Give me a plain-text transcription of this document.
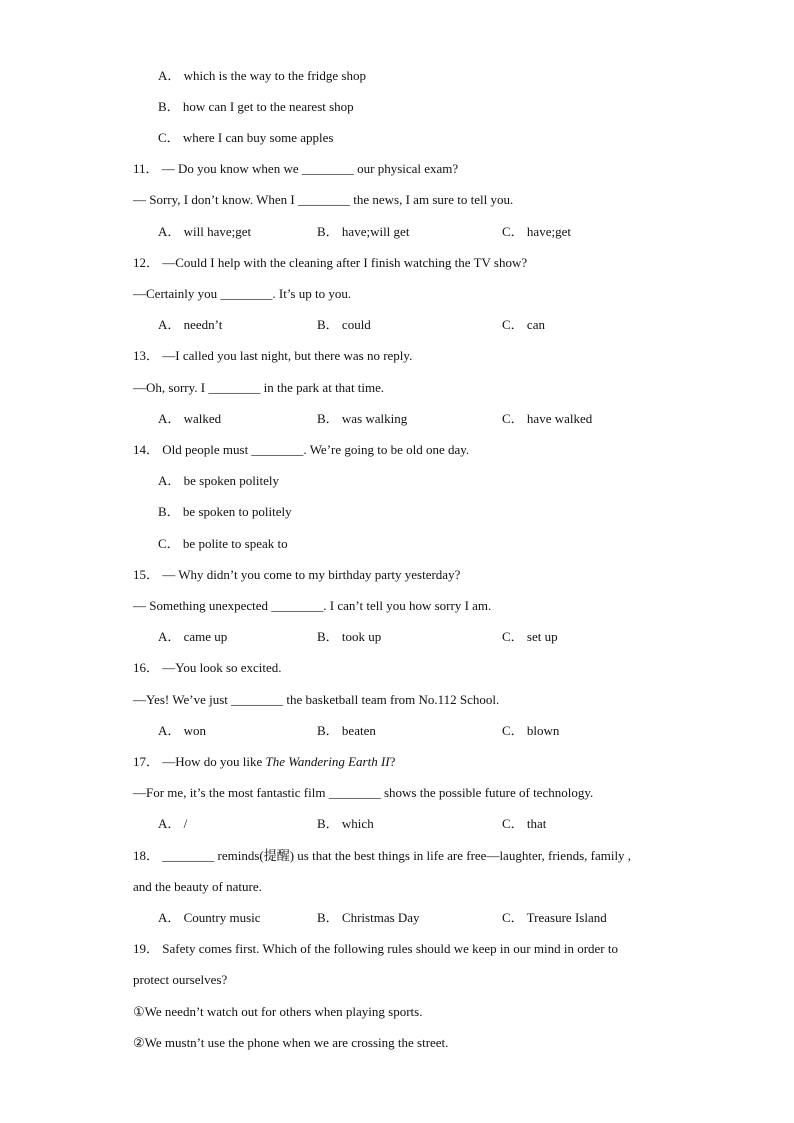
A． which is the way to the fridge shop
B． how can I get to the nearest shop
C． where I can buy some apples
11． — Do you know when we ________ our physical exam?
— Sorry, I don’t know. When I ________ the news, I am sure to tell you.
A． will have;get	B． have;will get	C． have;get
12． —Could I help with the cleaning after I finish watching the TV show?
—Certainly you ________. It’s up to you.
A． needn’t	B． could	C． can
13． —I called you last night, but there was no reply.
—Oh, sorry. I ________ in the park at that time.
A． walked	B． was walking	C． have walked
14． Old people must ________. We’re going to be old one day.
A． be spoken politely
B． be spoken to politely
C． be polite to speak to
15． — Why didn’t you come to my birthday party yesterday?
— Something unexpected ________. I can’t tell you how sorry I am.
A． came up	B． took up	C． set up
16． —You look so excited.
—Yes! We’ve just ________ the basketball team from No.112 School.
A． won	B． beaten	C． blown
17． —How do you like The Wandering Earth II?
—For me, it’s the most fantastic film ________ shows the possible future of technology.
A． /	B． which	C． that
18． ________ reminds(提醒) us that the best things in life are free—laughter, friends, family ,
and the beauty of nature.
A． Country music	B． Christmas Day	C． Treasure Island
19． Safety comes first. Which of the following rules should we keep in our mind in order to
protect ourselves?
①We needn’t watch out for others when playing sports.
②We mustn’t use the phone when we are crossing the street.
